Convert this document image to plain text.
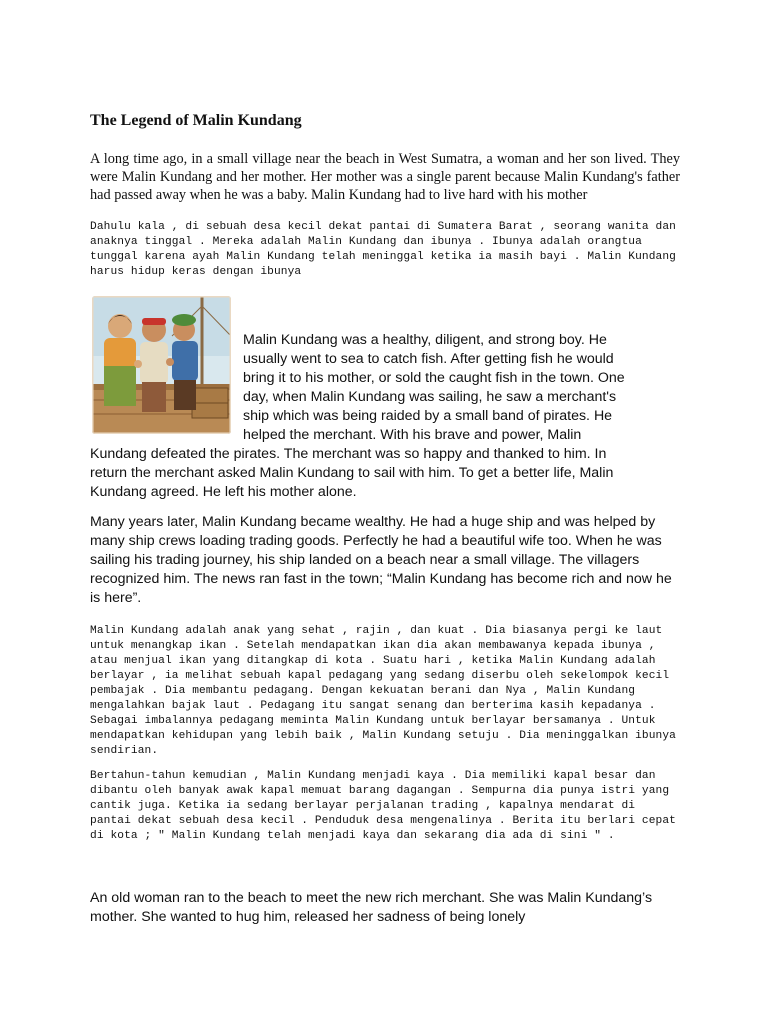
The Legend of Malin Kundang

A long time ago, in a small village near the beach in West Sumatra, a woman and her son lived. They were Malin Kundang and her mother. Her mother was a single parent because Malin Kundang's father had passed away when he was a baby. Malin Kundang had to live hard with his mother

Dahulu kala , di sebuah desa kecil dekat pantai di Sumatera Barat , seorang wanita dan anaknya tinggal . Mereka adalah Malin Kundang dan ibunya . Ibunya adalah orangtua tunggal karena ayah Malin Kundang telah meninggal ketika ia masih bayi . Malin Kundang harus hidup keras dengan ibunya

Malin Kundang was a healthy, diligent, and strong boy. He
usually went to sea to catch fish. After getting fish he would
bring it to his mother, or sold the caught fish in the town. One
day, when Malin Kundang was sailing, he saw a merchant's
ship which was being raided by a small band of pirates. He
helped the merchant. With his brave and power, Malin
Kundang defeated the pirates. The merchant was so happy and thanked to him. In
return the merchant asked Malin Kundang to sail with him. To get a better life, Malin
Kundang agreed. He left his mother alone.

Many years later, Malin Kundang became wealthy. He had a huge ship and was helped by many ship crews loading trading goods. Perfectly he had a beautiful wife too. When he was sailing his trading journey, his ship landed on a beach near a small village. The villagers recognized him. The news ran fast in the town; “Malin Kundang has become rich and now he is here”.

Malin Kundang adalah anak yang sehat , rajin , dan kuat . Dia biasanya pergi ke laut untuk menangkap ikan . Setelah mendapatkan ikan dia akan membawanya kepada ibunya , atau menjual ikan yang ditangkap di kota . Suatu hari , ketika Malin Kundang adalah berlayar , ia melihat sebuah kapal pedagang yang sedang diserbu oleh sekelompok kecil pembajak . Dia membantu pedagang. Dengan kekuatan berani dan Nya , Malin Kundang mengalahkan bajak laut . Pedagang itu sangat senang dan berterima kasih kepadanya . Sebagai imbalannya pedagang meminta Malin Kundang untuk berlayar bersamanya . Untuk mendapatkan kehidupan yang lebih baik , Malin Kundang setuju . Dia meninggalkan ibunya sendirian.

Bertahun-tahun kemudian , Malin Kundang menjadi kaya . Dia memiliki kapal besar dan dibantu oleh banyak awak kapal memuat barang dagangan . Sempurna dia punya istri yang cantik juga. Ketika ia sedang berlayar perjalanan trading , kapalnya mendarat di pantai dekat sebuah desa kecil . Penduduk desa mengenalinya . Berita itu berlari cepat di kota ; " Malin Kundang telah menjadi kaya dan sekarang dia ada di sini " .

An old woman ran to the beach to meet the new rich merchant. She was Malin Kundang’s mother. She wanted to hug him, released her sadness of being lonely
